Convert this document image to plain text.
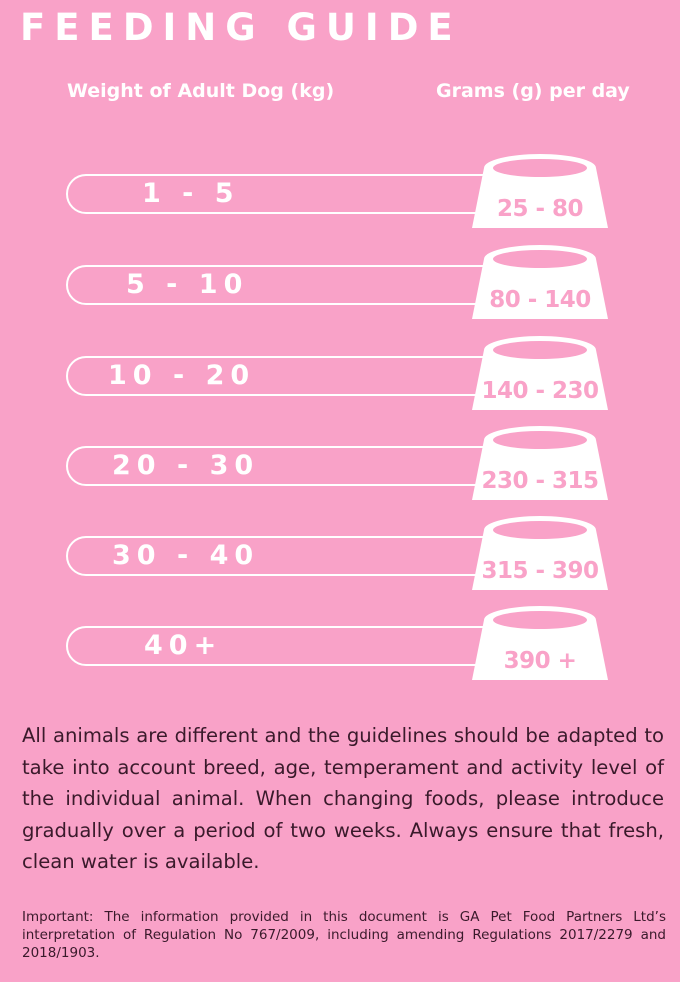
FEEDING GUIDE
Weight of Adult Dog (kg)	Grams (g) per day
1 - 5	25 - 80
5 - 10	80 - 140
10 - 20	140 - 230
20 - 30	230 - 315
30 - 40	315 - 390
40+	390 +

All animals are different and the guidelines should be adapted to take into account breed, age, temperament and activity level of the individual animal. When changing foods, please introduce gradually over a period of two weeks. Always ensure that fresh, clean water is available.

Important: The information provided in this document is GA Pet Food Partners Ltd’s interpretation of Regulation No 767/2009, including amending Regulations 2017/2279 and 2018/1903.
